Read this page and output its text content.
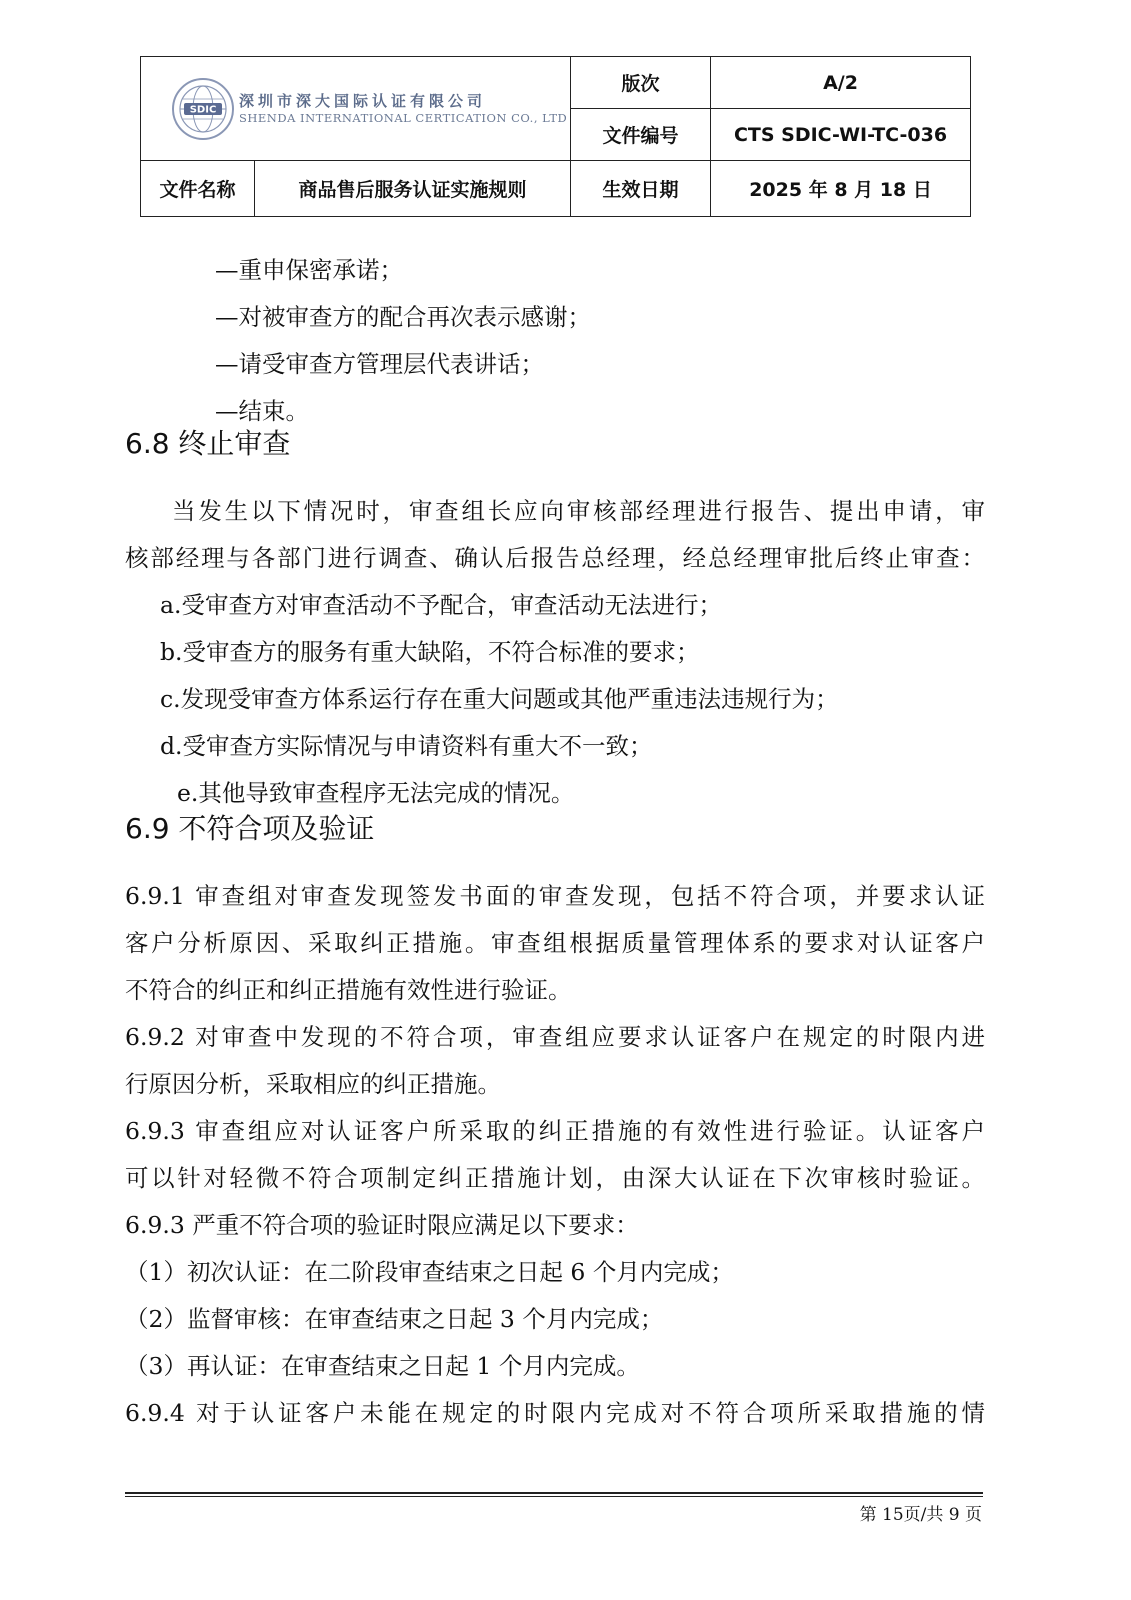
SDIC 深圳市深大国际认证有限公司
SHENDA INTERNATIONAL CERTICATION CO., LTD		版次	A/2
		文件编号	CTS SDIC-WI-TC-036
文件名称	商品售后服务认证实施规则	生效日期	2025 年 8 月 18 日
—重申保密承诺；
—对被审查方的配合再次表示感谢；
—请受审查方管理层代表讲话；
—结束。
6.8 终止审查
当发生以下情况时，审查组长应向审核部经理进行报告、提出申请，审
核部经理与各部门进行调查、确认后报告总经理，经总经理审批后终止审查：
a.受审查方对审查活动不予配合，审查活动无法进行；
b.受审查方的服务有重大缺陷，不符合标准的要求；
c.发现受审查方体系运行存在重大问题或其他严重违法违规行为；
d.受审查方实际情况与申请资料有重大不一致；
e.其他导致审查程序无法完成的情况。
6.9 不符合项及验证
6.9.1 审查组对审查发现签发书面的审查发现，包括不符合项，并要求认证
客户分析原因、采取纠正措施。审查组根据质量管理体系的要求对认证客户
不符合的纠正和纠正措施有效性进行验证。
6.9.2 对审查中发现的不符合项，审查组应要求认证客户在规定的时限内进
行原因分析，采取相应的纠正措施。
6.9.3 审查组应对认证客户所采取的纠正措施的有效性进行验证。认证客户
可以针对轻微不符合项制定纠正措施计划，由深大认证在下次审核时验证。
6.9.3 严重不符合项的验证时限应满足以下要求：
（1）初次认证：在二阶段审查结束之日起 6 个月内完成；
（2）监督审核：在审查结束之日起 3 个月内完成；
（3）再认证：在审查结束之日起 1 个月内完成。
6.9.4 对于认证客户未能在规定的时限内完成对不符合项所采取措施的情
第 15页/共 9 页
